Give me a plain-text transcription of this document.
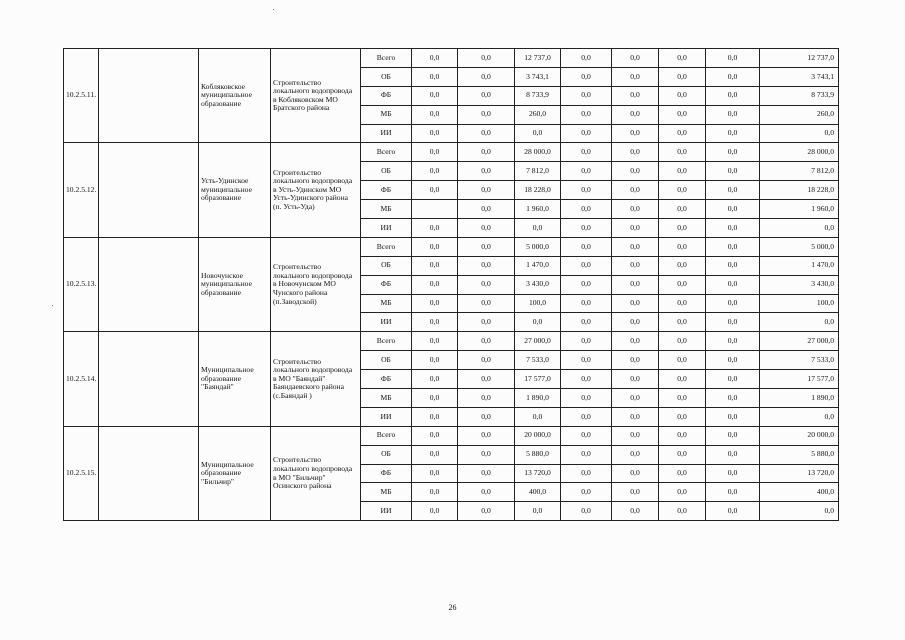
10.2.5.11.		Кобляковское
муниципальное
образование	Строительство
локального водопровода
в Кобляковском МО
Братского района	Всего	0,0	0,0	12 737,0	0,0	0,0	0,0	0,0	12 737,0
				ОБ	0,0	0,0	3 743,1	0,0	0,0	0,0	0,0	3 743,1
				ФБ	0,0	0,0	8 733,9	0,0	0,0	0,0	0,0	8 733,9
				МБ	0,0	0,0	260,0	0,0	0,0	0,0	0,0	260,0
				ИИ	0,0	0,0	0,0	0,0	0,0	0,0	0,0	0,0
10.2.5.12.		Усть-Удинское
муниципальное
образование	Строительство
локального водопровода
в Усть-Удинском МО
Усть-Удинского района
(п. Усть-Уда)	Всего	0,0	0,0	28 000,0	0,0	0,0	0,0	0,0	28 000,0
				ОБ	0,0	0,0	7 812,0	0,0	0,0	0,0	0,0	7 812,0
				ФБ	0,0	0,0	18 228,0	0,0	0,0	0,0	0,0	18 228,0
				МБ		0,0	1 960,0	0,0	0,0	0,0	0,0	1 960,0
				ИИ	0,0	0,0	0,0	0,0	0,0	0,0	0,0	0,0
10.2.5.13.		Новочунское
муниципальное
образование	Строительство
локального водопровода
в Новочунском МО
Чунского района
(п.Заводской)	Всего	0,0	0,0	5 000,0	0,0	0,0	0,0	0,0	5 000,0
				ОБ	0,0	0,0	1 470,0	0,0	0,0	0,0	0,0	1 470,0
				ФБ	0,0	0,0	3 430,0	0,0	0,0	0,0	0,0	3 430,0
				МБ	0,0	0,0	100,0	0,0	0,0	0,0	0,0	100,0
				ИИ	0,0	0,0	0,0	0,0	0,0	0,0	0,0	0,0
10.2.5.14.		Муниципальное
образование
"Баяндай"	Строительство
локального водопровода
в МО "Баяндай"
Баяндаевского района
(с.Баяндай )	Всего	0,0	0,0	27 000,0	0,0	0,0	0,0	0,0	27 000,0
				ОБ	0,0	0,0	7 533,0	0,0	0,0	0,0	0,0	7 533,0
				ФБ	0,0	0,0	17 577,0	0,0	0,0	0,0	0,0	17 577,0
				МБ	0,0	0,0	1 890,0	0,0	0,0	0,0	0,0	1 890,0
				ИИ	0,0	0,0	0,0	0,0	0,0	0,0	0,0	0,0
10.2.5.15.		Муниципальное
образование
"Бильчир"	Строительство
локального водопровода
в МО "Бильчир"
Осинского района	Всего	0,0	0,0	20 000,0	0,0	0,0	0,0	0,0	20 000,0
				ОБ	0,0	0,0	5 880,0	0,0	0,0	0,0	0,0	5 880,0
				ФБ	0,0	0,0	13 720,0	0,0	0,0	0,0	0,0	13 720,0
				МБ	0,0	0,0	400,0	0,0	0,0	0,0	0,0	400,0
				ИИ	0,0	0,0	0,0	0,0	0,0	0,0	0,0	0,0
26
